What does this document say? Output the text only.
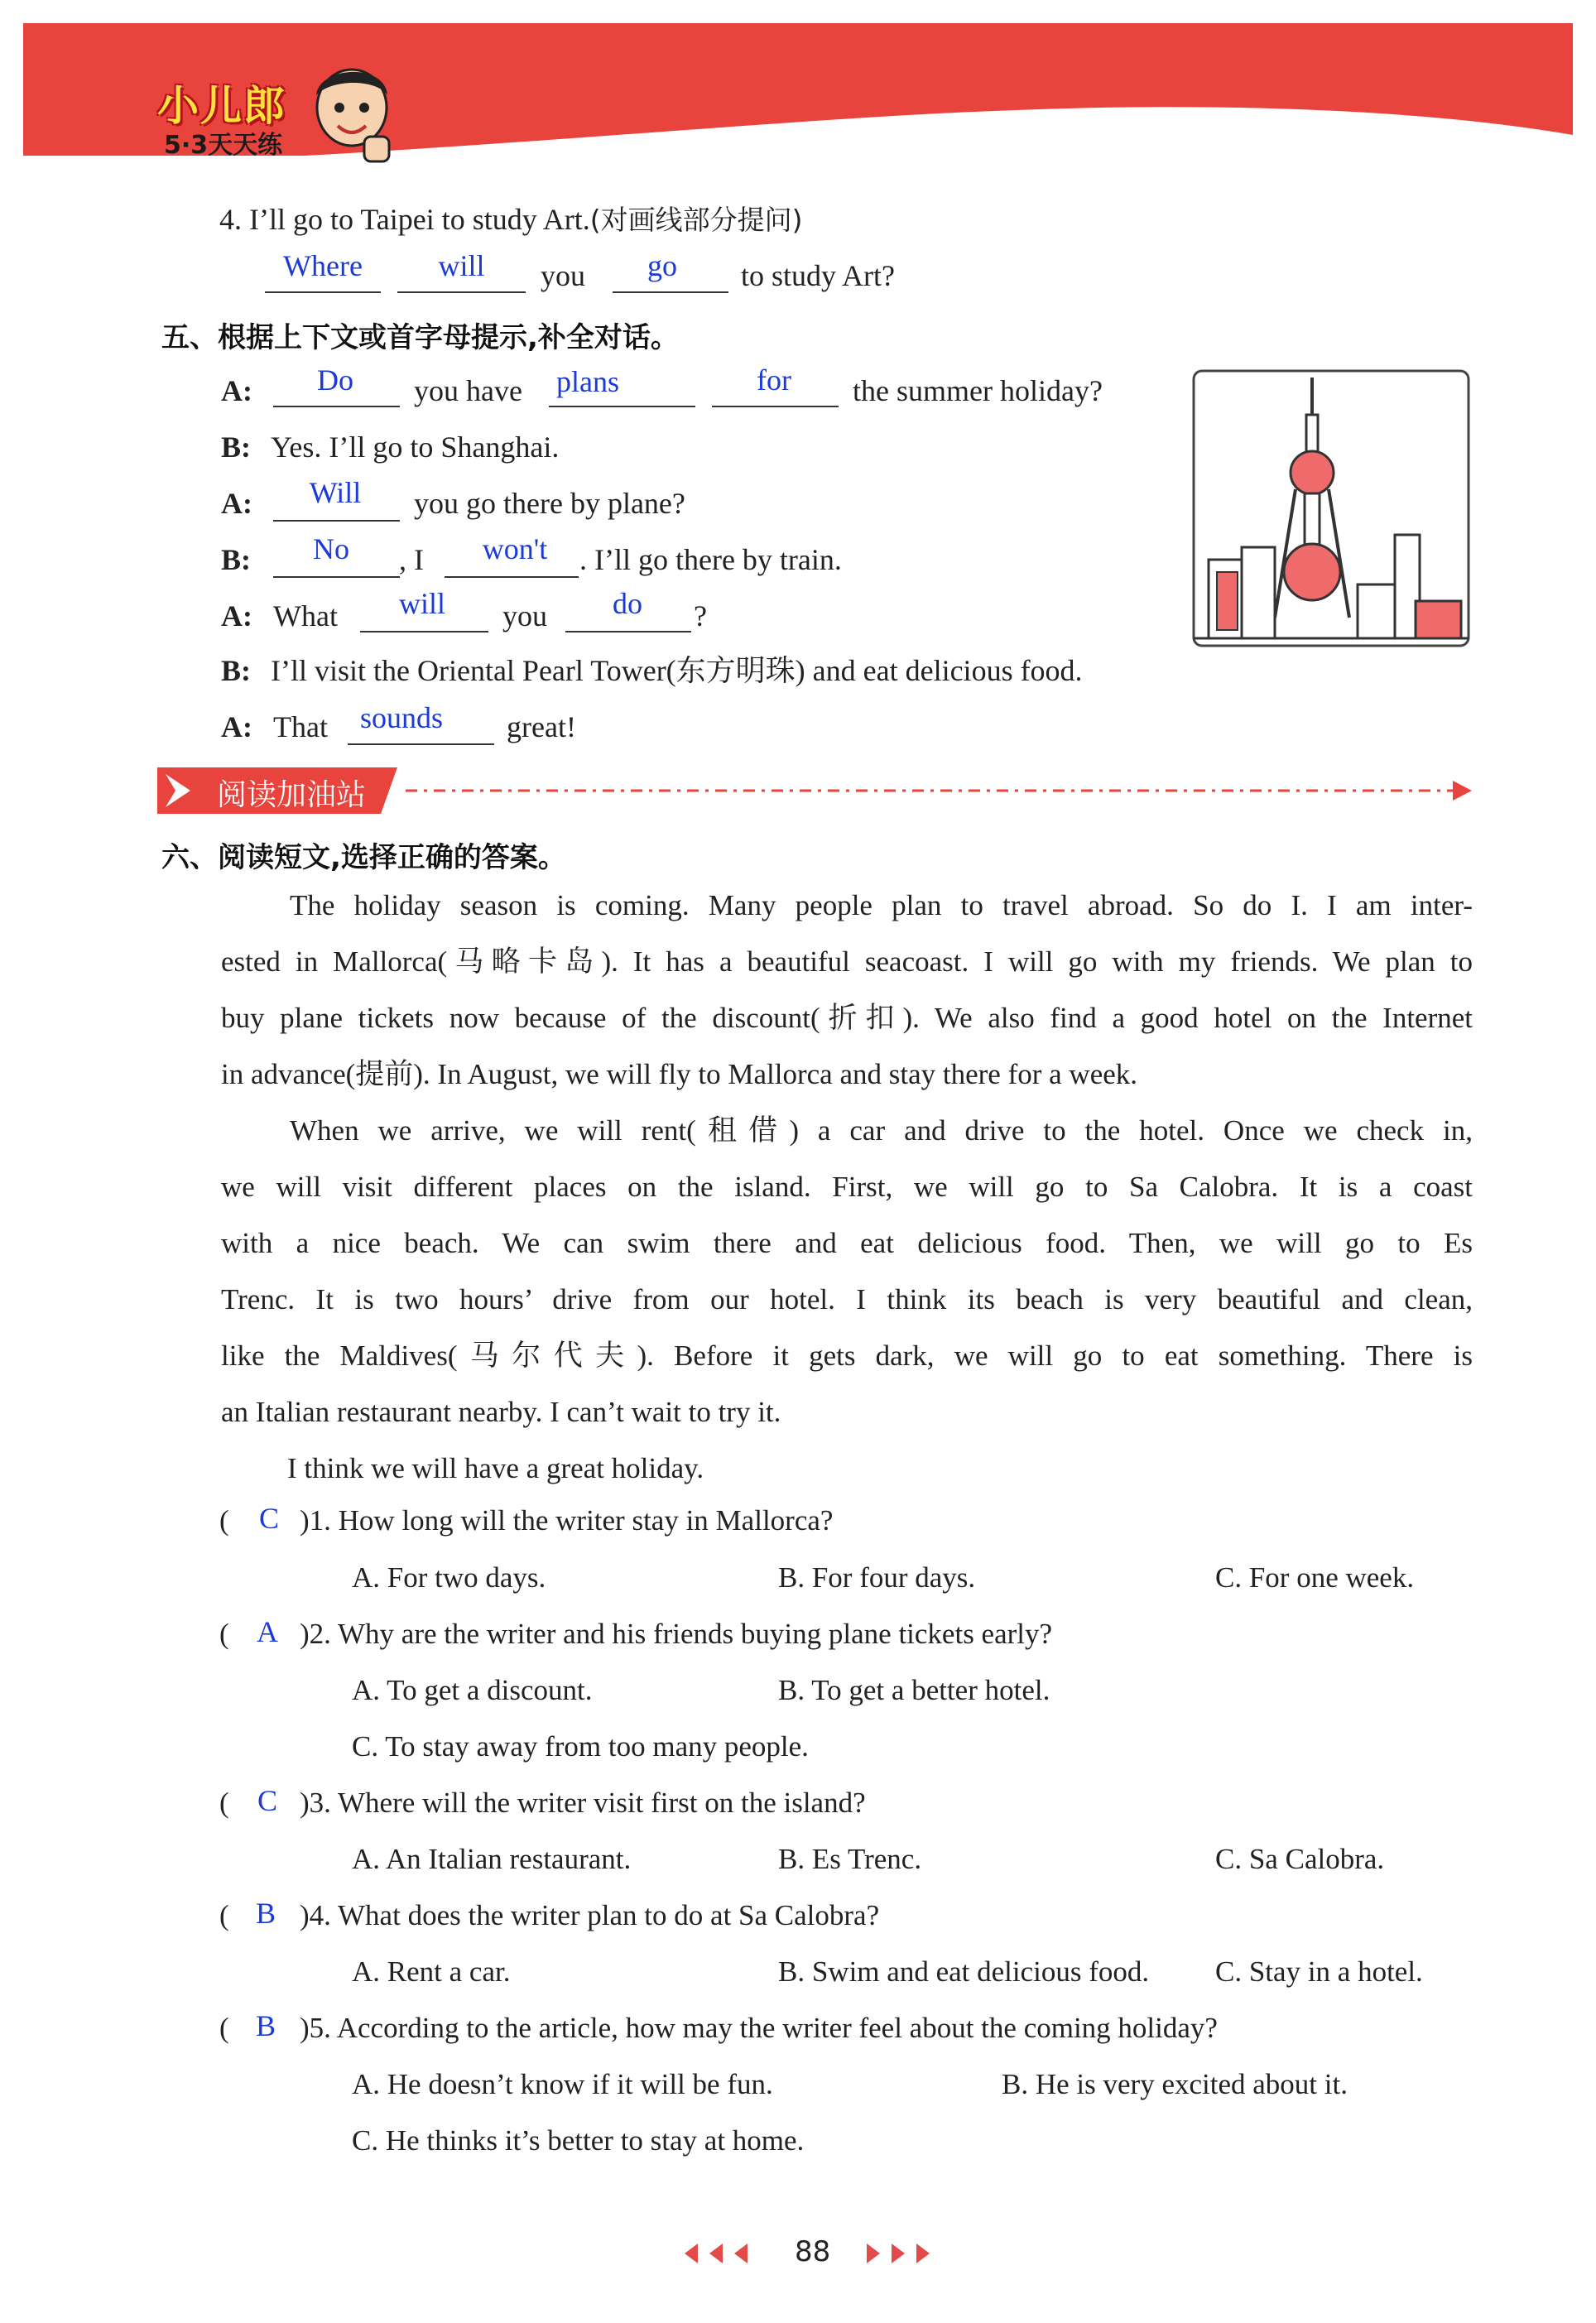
小儿郎
5·3天天练
4. I’ll go to Taipei to study Art.(对画线部分提问)
Where	will	you	go	to study Art?
五、根据上下文或首字母提示,补全对话。
A:	Do	you have	plans	for	the summer holiday?
B: Yes. I’ll go to Shanghai.
A:	Will	you go there by plane?
B:	No	, I	won't	. I’ll go there by train.
A: What	will	you	do	?
B: I’ll visit the Oriental Pearl Tower(东方明珠) and eat delicious food.
A: That	sounds	great!
阅读加油站
六、阅读短文,选择正确的答案。
The holiday season is coming. Many people plan to travel abroad. So do I. I am inter-
ested in Mallorca(马略卡岛). It has a beautiful seacoast. I will go with my friends. We plan to
buy plane tickets now because of the discount(折扣). We also find a good hotel on the Internet
in advance(提前). In August, we will fly to Mallorca and stay there for a week.
When we arrive, we will rent(租借) a car and drive to the hotel. Once we check in,
we will visit different places on the island. First, we will go to Sa Calobra. It is a coast
with a nice beach. We can swim there and eat delicious food. Then, we will go to Es
Trenc. It is two hours’ drive from our hotel. I think its beach is very beautiful and clean,
like the Maldives(马尔代夫). Before it gets dark, we will go to eat something. There is
an Italian restaurant nearby. I can’t wait to try it.
I think we will have a great holiday.
(	C )1. How long will the writer stay in Mallorca?
A. For two days.	B. For four days.	C. For one week.
( A )2. Why are the writer and his friends buying plane tickets early?
A. To get a discount.	B. To get a better hotel.
C. To stay away from too many people.
( C )3. Where will the writer visit first on the island?
A. An Italian restaurant.	B. Es Trenc.	C. Sa Calobra.
( B )4. What does the writer plan to do at Sa Calobra?
A. Rent a car.	B. Swim and eat delicious food. C. Stay in a hotel.
( B )5. According to the article, how may the writer feel about the coming holiday?
A. He doesn’t know if it will be fun.	B. He is very excited about it.
C. He thinks it’s better to stay at home.
88
